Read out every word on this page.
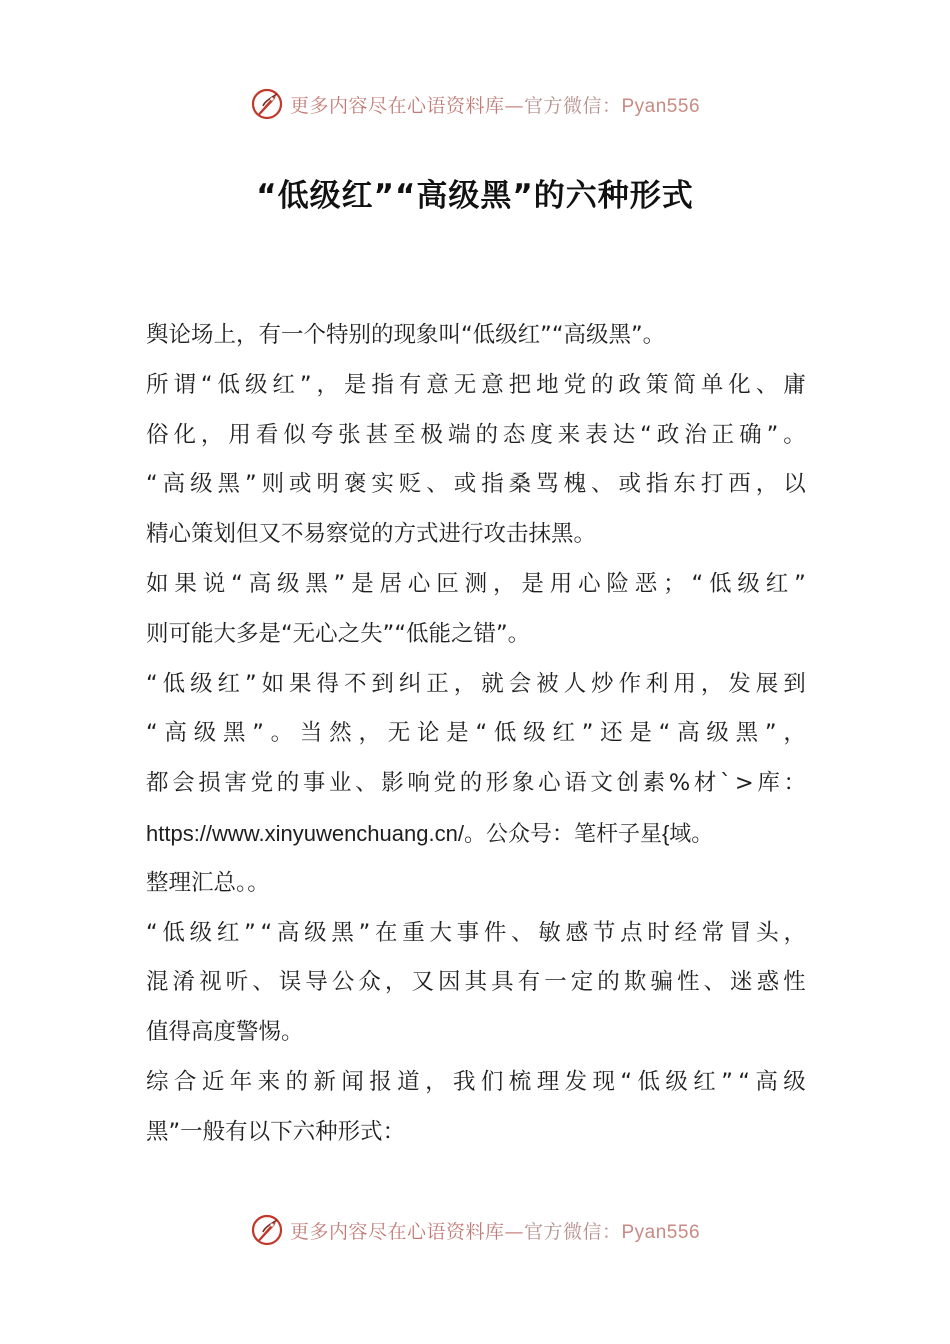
更多内容尽在心语资料库—官方微信：Pyan556
“低级红”“高级黑”的六种形式
舆论场上，有一个特别的现象叫“低级红”“高级黑”。
所 谓 “ 低 级 红 ” ， 是 指 有 意 无 意 把 地 党 的 政 策 简 单 化 、 庸
俗 化 ， 用 看 似 夸 张 甚 至 极 端 的 态 度 来 表 达 “ 政 治 正 确 ” 。
“ 高 级 黑 ” 则 或 明 褒 实 贬 、 或 指 桑 骂 槐 、 或 指 东 打 西 ， 以
精心策划但又不易察觉的方式进行攻击抹黑。
如 果 说 “ 高 级 黑 ” 是 居 心 叵 测 ， 是 用 心 险 恶 ； “ 低 级 红 ”
则可能大多是“无心之失”“低能之错”。
“ 低 级 红 ” 如 果 得 不 到 纠 正 ， 就 会 被 人 炒 作 利 用 ， 发 展 到
“ 高 级 黑 ” 。 当 然 ， 无 论 是 “ 低 级 红 ” 还 是 “ 高 级 黑 ” ，
都 会 损 害 党 的 事 业 、 影 响 党 的 形 象 心 语 文 创 素 % 材 ` > 库 ：
https://www.xinyuwenchuang.cn/。公众号：笔杆子星{域。
整理汇总。。
“ 低 级 红 ” “ 高 级 黑 ” 在 重 大 事 件 、 敏 感 节 点 时 经 常 冒 头 ，
混 淆 视 听 、 误 导 公 众 ， 又 因 其 具 有 一 定 的 欺 骗 性 、 迷 惑 性
值得高度警惕。
综 合 近 年 来 的 新 闻 报 道 ， 我 们 梳 理 发 现 “ 低 级 红 ” “ 高 级
黑”一般有以下六种形式：
更多内容尽在心语资料库—官方微信：Pyan556
